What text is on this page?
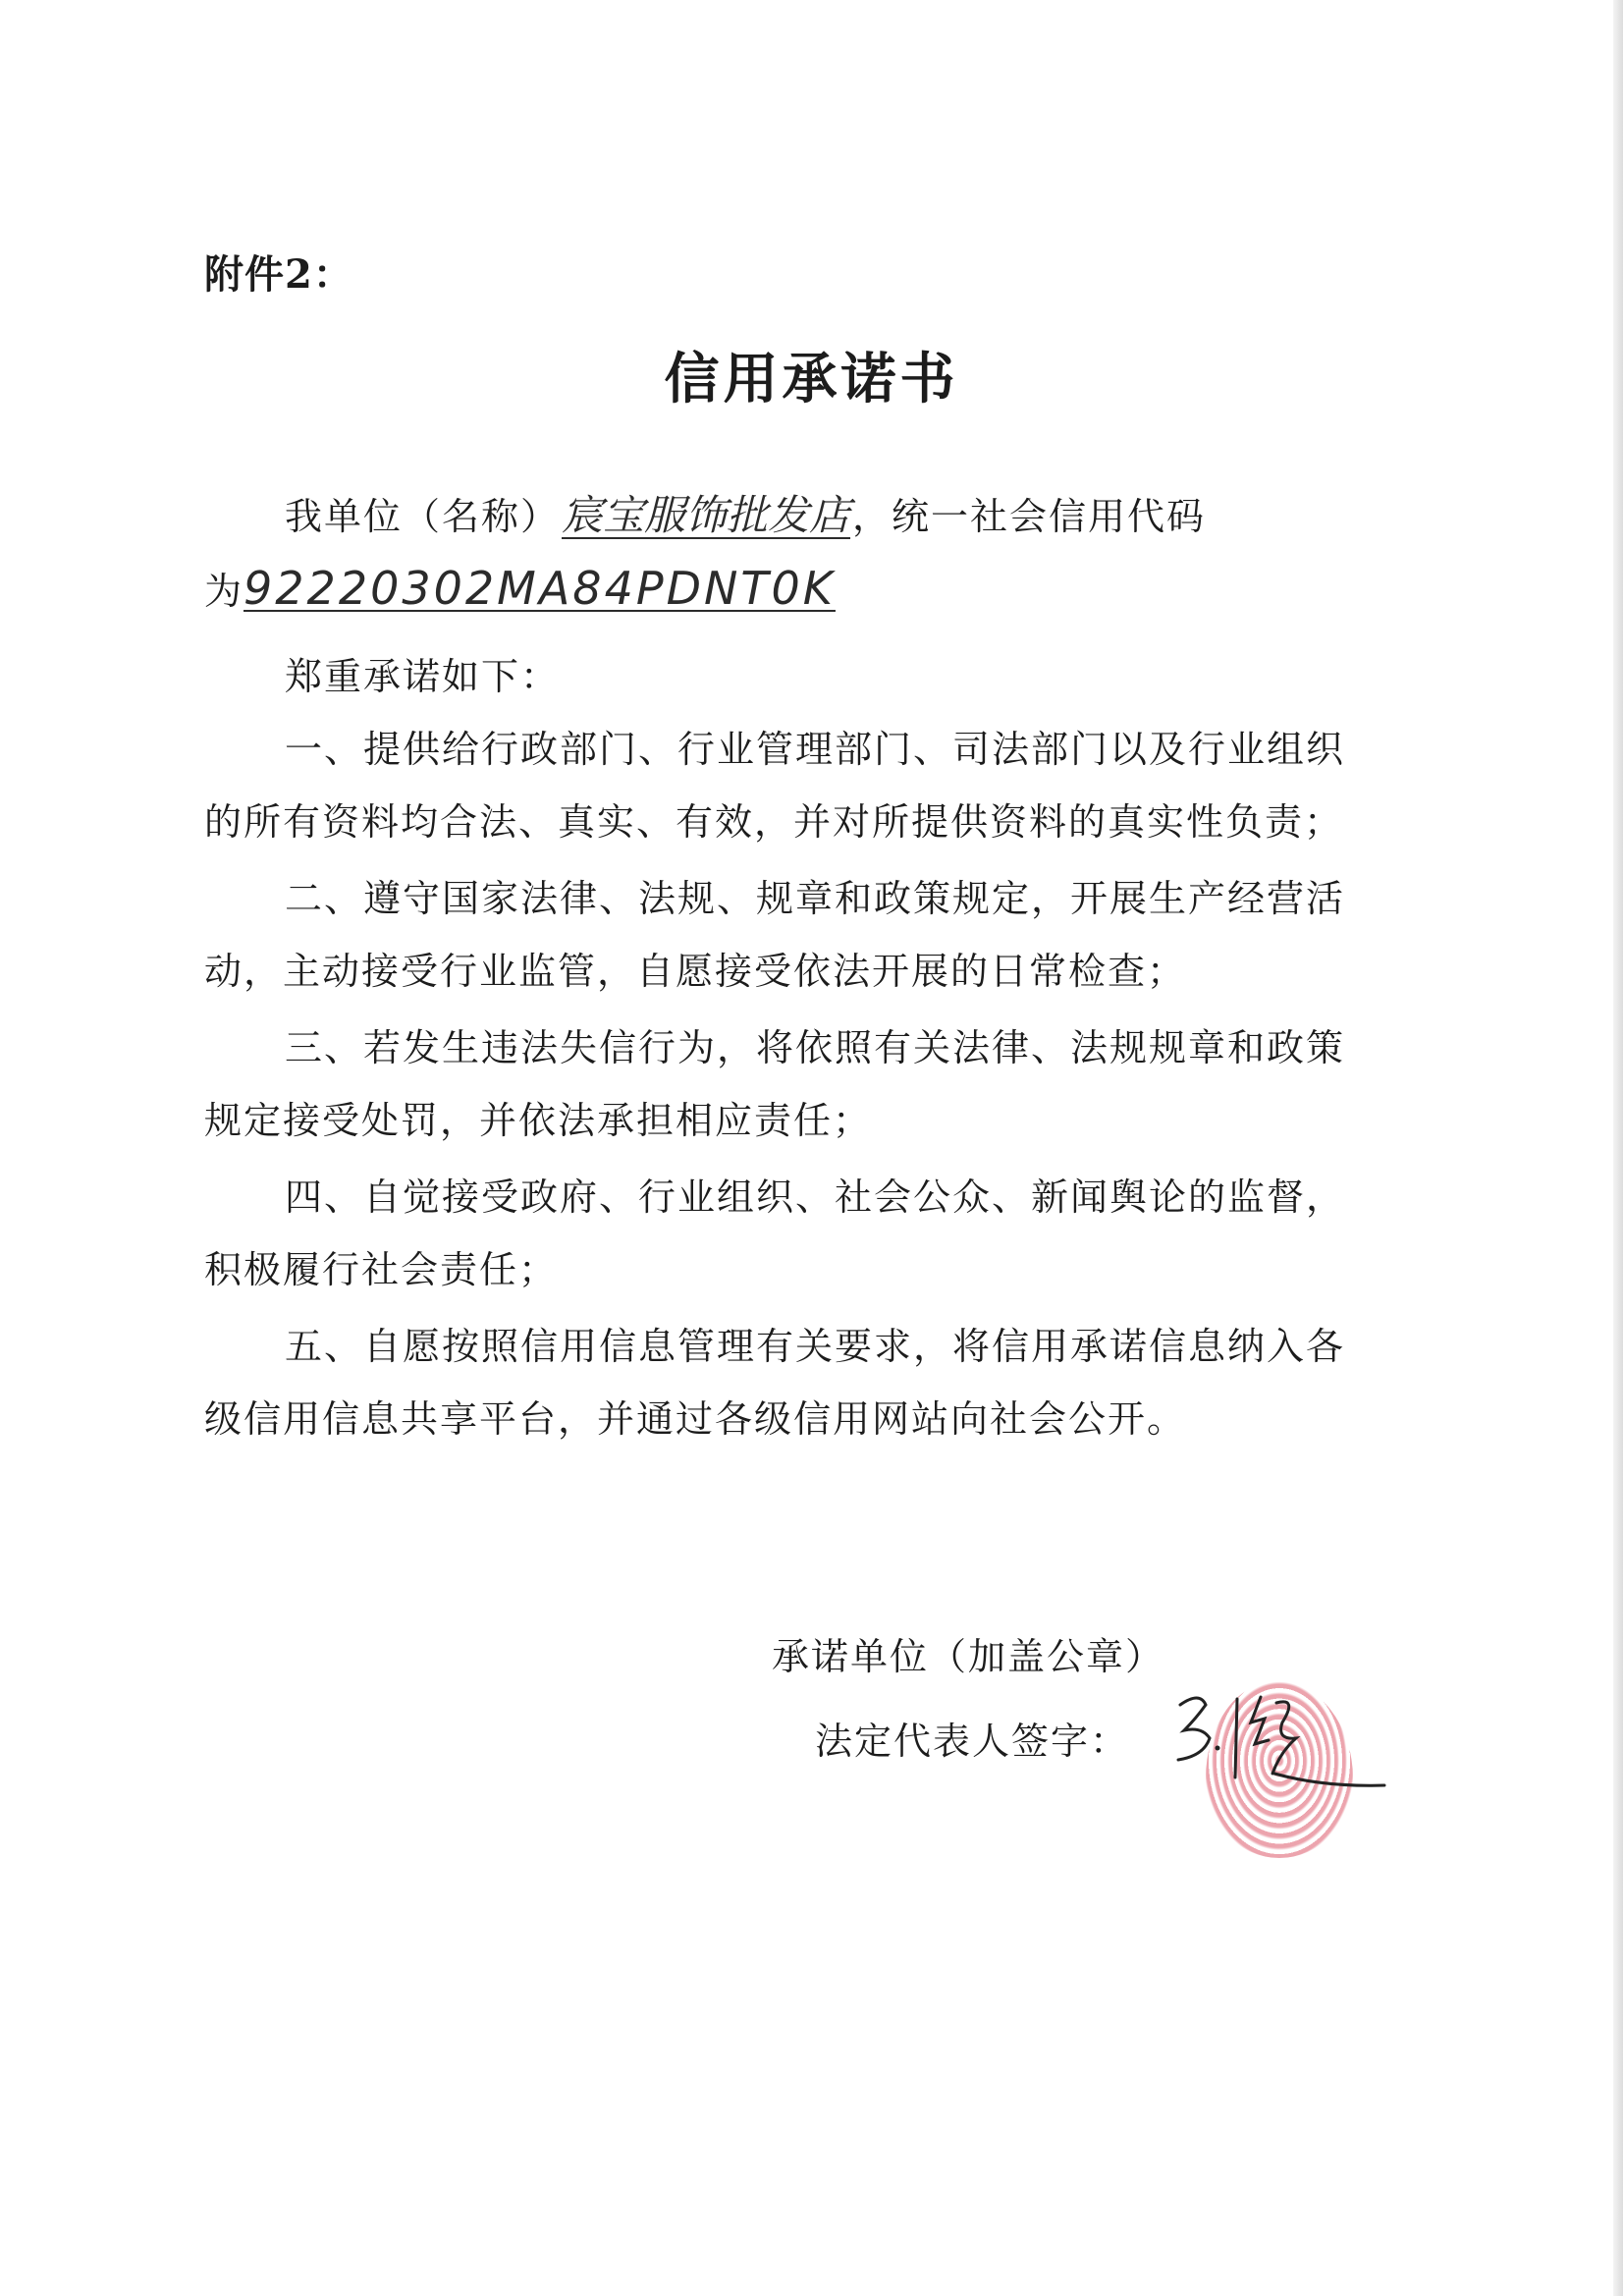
附件2：
信用承诺书
我单位（名称）宸宝服饰批发店，统一社会信用代码
为92220302MA84PDNT0K
郑重承诺如下：
一、提供给行政部门、行业管理部门、司法部门以及行业组织
的所有资料均合法、真实、有效，并对所提供资料的真实性负责；
二、遵守国家法律、法规、规章和政策规定，开展生产经营活
动，主动接受行业监管，自愿接受依法开展的日常检查；
三、若发生违法失信行为，将依照有关法律、法规规章和政策
规定接受处罚，并依法承担相应责任；
四、自觉接受政府、行业组织、社会公众、新闻舆论的监督，
积极履行社会责任；
五、自愿按照信用信息管理有关要求，将信用承诺信息纳入各
级信用信息共享平台，并通过各级信用网站向社会公开。
承诺单位（加盖公章）
法定代表人签字：
